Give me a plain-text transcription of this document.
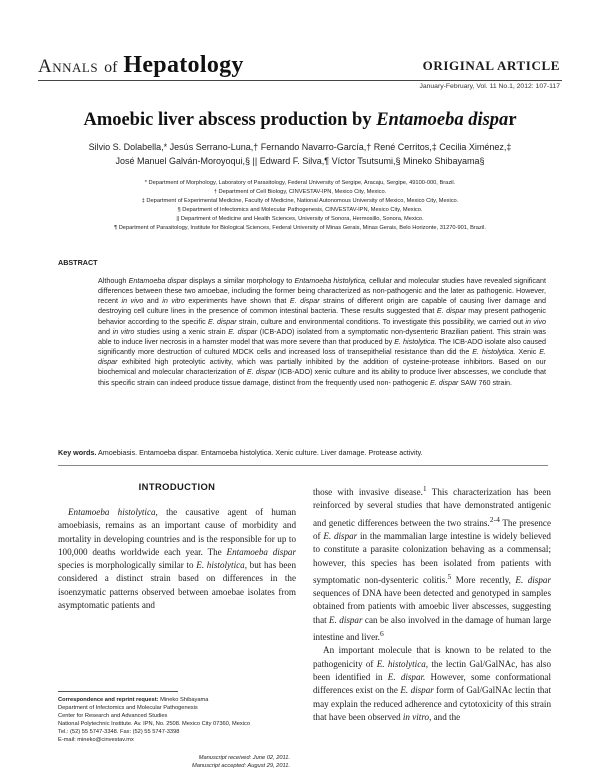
Annals of Hepatology	ORIGINAL ARTICLE
January-February, Vol. 11 No.1, 2012: 107-117
Amoebic liver abscess production by Entamoeba dispar
Silvio S. Dolabella,* Jesús Serrano-Luna,† Fernando Navarro-García,† René Cerritos,‡ Cecilia Ximénez,‡
José Manuel Galván-Moroyoqui,§ || Edward F. Silva,¶ Víctor Tsutsumi,§ Mineko Shibayama§
* Department of Morphology, Laboratory of Parasitology, Federal University of Sergipe, Aracaju, Sergipe, 49100-000, Brazil.
† Department of Cell Biology, CINVESTAV-IPN, Mexico City, Mexico.
‡ Department of Experimental Medicine, Faculty of Medicine, National Autonomous University of Mexico, Mexico City, Mexico.
§ Department of Infectomics and Molecular Pathogenesis, CINVESTAV-IPN, Mexico City, Mexico.
|| Department of Medicine and Health Sciences, University of Sonora, Hermosillo, Sonora, Mexico.
¶ Department of Parasitology, Institute for Biological Sciences, Federal University of Minas Gerais, Minas Gerais, Belo Horizonte, 31270-901, Brazil.
ABSTRACT
Although Entamoeba dispar displays a similar morphology to Entamoeba histolytica, cellular and molecular studies have revealed significant differences between these two amoebae, including the former being characterized as non-pathogenic and the later as pathogenic. However, recent in vivo and in vitro experiments have shown that E. dispar strains of different origin are capable of causing liver damage and destroying cell culture lines in the presence of common intestinal bacteria. These results suggested that E. dispar may present pathogenic behavior according to the specific E. dispar strain, culture and environmental conditions. To investigate this possibility, we carried out in vivo and in vitro studies using a xenic strain E. dispar (ICB-ADO) isolated from a symptomatic non-dysenteric Brazilian patient. This strain was able to induce liver necrosis in a hamster model that was more severe than that produced by E. histolytica. The ICB-ADO isolate also caused significantly more destruction of cultured MDCK cells and increased loss of transepithelial resistance than did the E. histolytica. Xenic E. dispar exhibited high proteolytic activity, which was partially inhibited by the addition of cysteine-protease inhibitors. Based on our biochemical and molecular characterization of E. dispar (ICB-ADO) xenic culture and its ability to produce liver abscesses, we conclude that this specific strain can indeed produce tissue damage, distinct from the frequently used non- pathogenic E. dispar SAW 760 strain.
Key words. Amoebiasis. Entamoeba dispar. Entamoeba histolytica. Xenic culture. Liver damage. Protease activity.
INTRODUCTION

Entamoeba histolytica, the causative agent of human amoebiasis, remains as an important cause of morbidity and mortality in developing countries and is the responsible for up to 100,000 deaths worldwide each year. The Entamoeba dispar species is morphologically similar to E. histolytica, but has been considered a distinct strain based on differences in the isoenzymatic patterns observed between amoebae isolates from asymptomatic patients and

those with invasive disease.$^1$ This characterization has been reinforced by several studies that have demonstrated antigenic and genetic differences between the two strains.$^{2-4}$ The presence of E. dispar in the mammalian large intestine is widely believed to constitute a parasite colonization behaving as a commensal; however, this species has been isolated from patients with symptomatic non-dysenteric colitis.$^5$ More recently, E. dispar sequences of DNA have been detected and genotyped in samples obtained from patients with amoebic liver abscesses, suggesting that E. dispar can be also involved in the damage of human large intestine and liver.$^6$

An important molecule that is known to be related to the pathogenicity of E. histolytica, the lectin Gal/GalNAc, has also been identified in E. dispar. However, some conformational differences exist on the E. dispar form of Gal/GalNAc lectin that may explain the reduced adherence and cytotoxicity of this strain that have been observed in vitro, and the

Correspondence and reprint request: Mineko Shibayama
Department of Infectomics and Molecular Pathogenesis
Center for Research and Advanced Studies
National Polytechnic Institute. Av. IPN, No. 2508. Mexico City 07360, Mexico
Tel.: (52) 55 5747-3348. Fax: (52) 55 5747-3398
E-mail: mineko@cinvestav.mx
Manuscript received: June 02, 2011.
Manuscript accepted: August 29, 2011.
